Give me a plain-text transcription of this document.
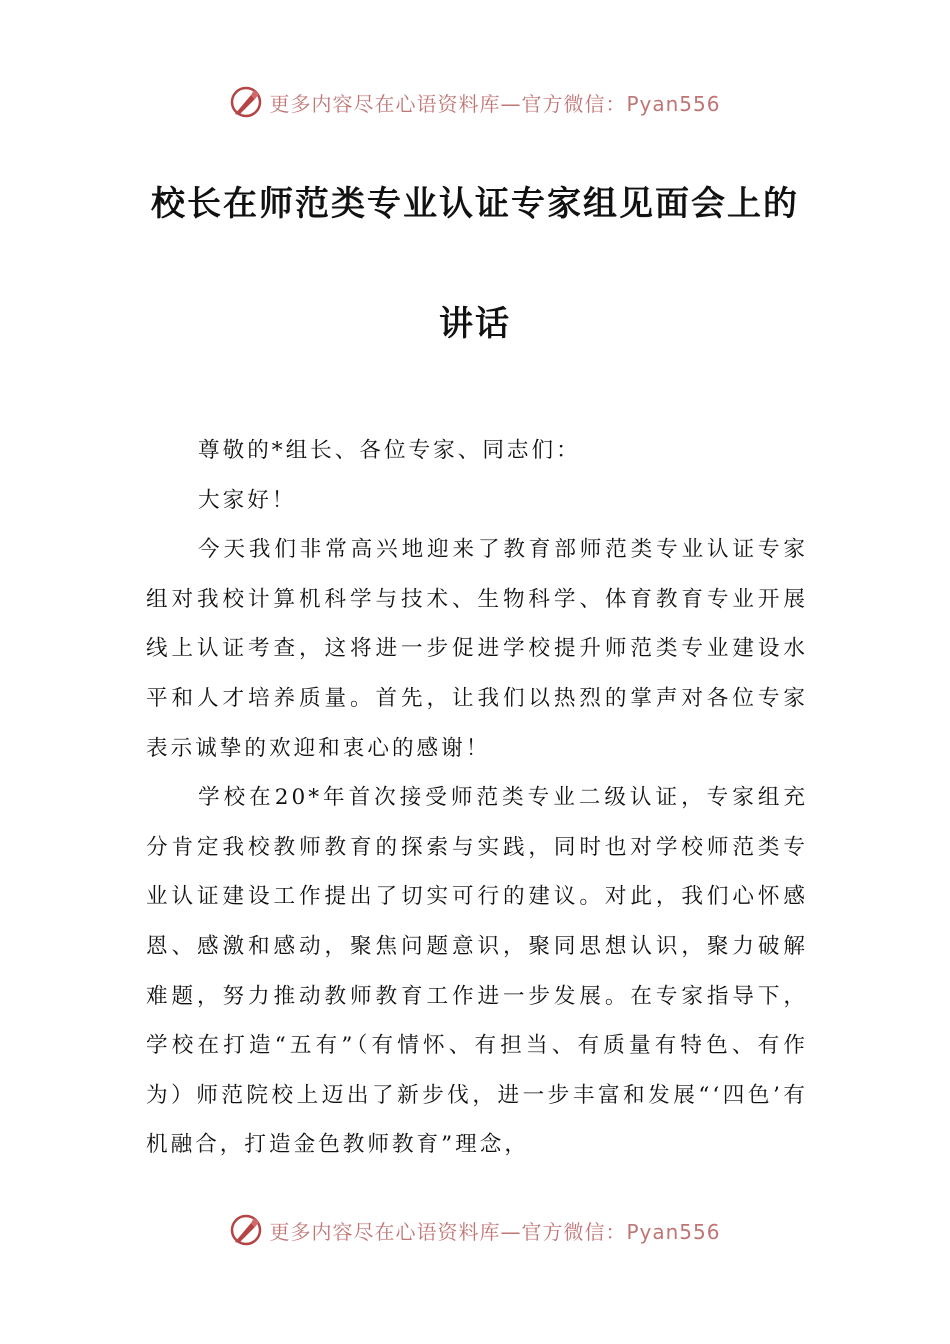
更多内容尽在心语资料库—官方微信：Pyan556
校长在师范类专业认证专家组见面会上的
讲话

尊敬的*组长、各位专家、同志们：

大家好！

今天我们非常高兴地迎来了教育部师范类专业认证专家组对我校计算机科学与技术、生物科学、体育教育专业开展线上认证考查，这将进一步促进学校提升师范类专业建设水平和人才培养质量。首先，让我们以热烈的掌声对各位专家表示诚挚的欢迎和衷心的感谢！

学校在20*年首次接受师范类专业二级认证，专家组充分肯定我校教师教育的探索与实践，同时也对学校师范类专业认证建设工作提出了切实可行的建议。对此，我们心怀感恩、感激和感动，聚焦问题意识，聚同思想认识，聚力破解难题，努力推动教师教育工作进一步发展。在专家指导下，学校在打造“五有”（有情怀、有担当、有质量有特色、有作为）师范院校上迈出了新步伐，进一步丰富和发展“‘四色’有机融合，打造金色教师教育”理念，

更多内容尽在心语资料库—官方微信：Pyan556
